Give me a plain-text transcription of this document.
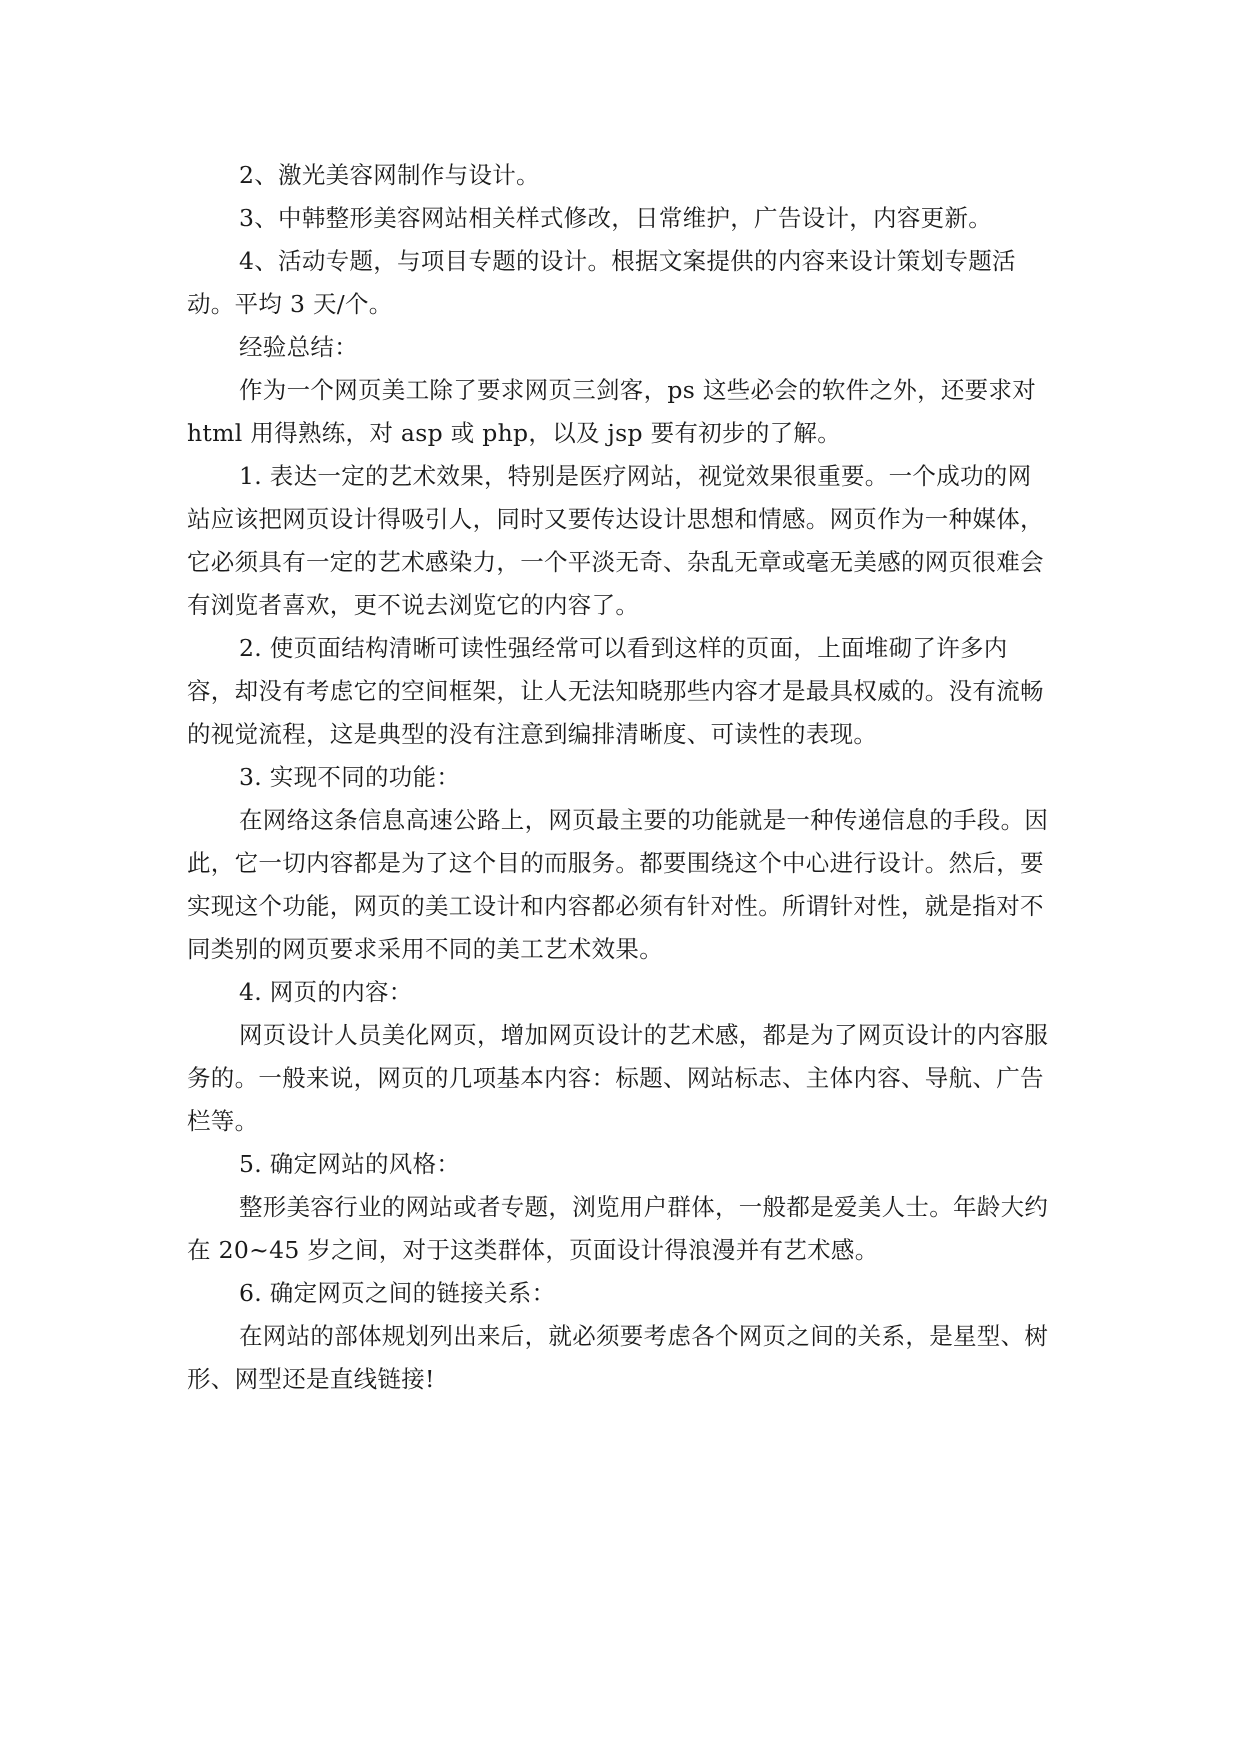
2、激光美容网制作与设计。

3、中韩整形美容网站相关样式修改，日常维护，广告设计，内容更新。

4、活动专题，与项目专题的设计。根据文案提供的内容来设计策划专题活动。平均 3 天/个。

经验总结：

作为一个网页美工除了要求网页三剑客，ps 这些必会的软件之外，还要求对 html 用得熟练，对 asp 或 php，以及 jsp 要有初步的了解。

1. 表达一定的艺术效果，特别是医疗网站，视觉效果很重要。一个成功的网站应该把网页设计得吸引人，同时又要传达设计思想和情感。网页作为一种媒体，它必须具有一定的艺术感染力，一个平淡无奇、杂乱无章或毫无美感的网页很难会有浏览者喜欢，更不说去浏览它的内容了。

2. 使页面结构清晰可读性强经常可以看到这样的页面，上面堆砌了许多内容，却没有考虑它的空间框架，让人无法知晓那些内容才是最具权威的。没有流畅的视觉流程，这是典型的没有注意到编排清晰度、可读性的表现。

3. 实现不同的功能：

在网络这条信息高速公路上，网页最主要的功能就是一种传递信息的手段。因此，它一切内容都是为了这个目的而服务。都要围绕这个中心进行设计。然后，要实现这个功能，网页的美工设计和内容都必须有针对性。所谓针对性，就是指对不同类别的网页要求采用不同的美工艺术效果。

4. 网页的内容：

网页设计人员美化网页，增加网页设计的艺术感，都是为了网页设计的内容服务的。一般来说，网页的几项基本内容：标题、网站标志、主体内容、导航、广告栏等。

5. 确定网站的风格：

整形美容行业的网站或者专题，浏览用户群体，一般都是爱美人士。年龄大约在 20~45 岁之间，对于这类群体，页面设计得浪漫并有艺术感。

6. 确定网页之间的链接关系：

在网站的部体规划列出来后，就必须要考虑各个网页之间的关系，是星型、树形、网型还是直线链接!
